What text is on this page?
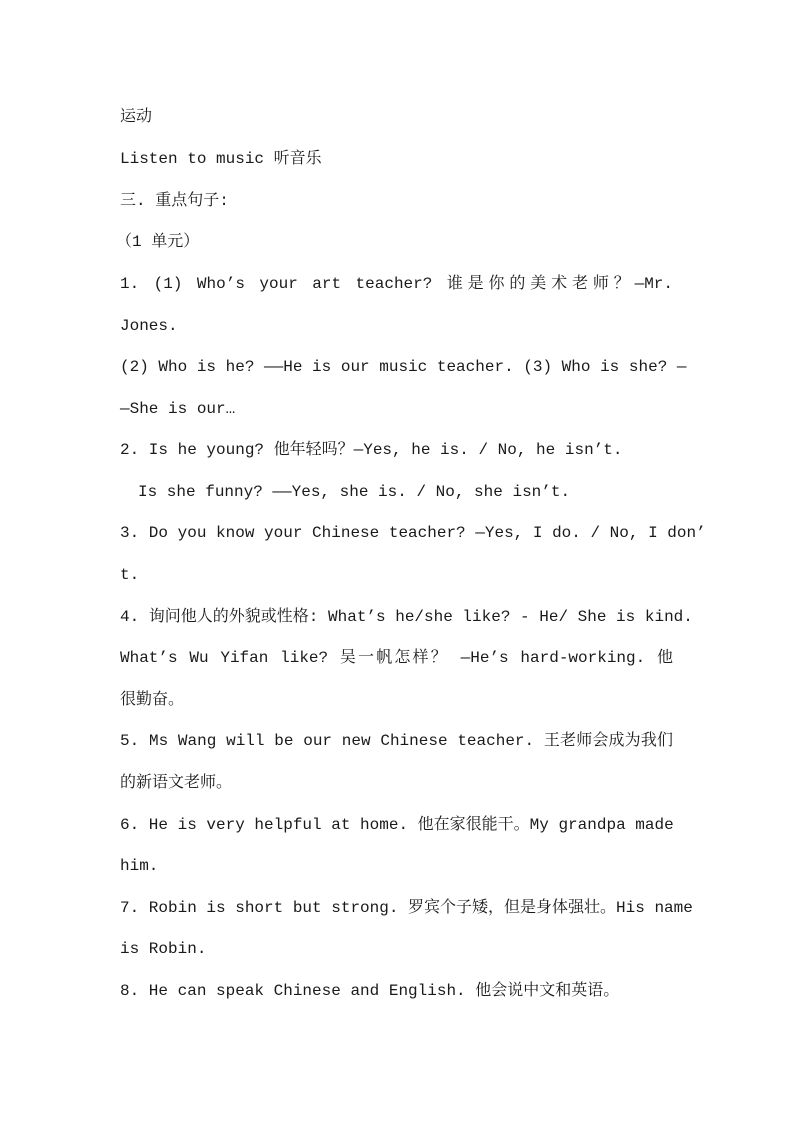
运动
Listen to music 听音乐
三. 重点句子:
（1 单元）
1. (1) Who’s your art teacher? 谁是你的美术老师？—Mr.
Jones.
(2) Who is he? ——He is our music teacher. (3) Who is she? —
—She is our…
2. Is he young? 他年轻吗？—Yes, he is. / No, he isn’t.
Is she funny? ——Yes, she is. / No, she isn’t.
3. Do you know your Chinese teacher? —Yes, I do. / No, I don’
t.
4. 询问他人的外貌或性格: What’s he/she like? - He/ She is kind.
What’s Wu Yifan like? 吴一帆怎样？ —He’s hard-working. 他
很勤奋。
5. Ms Wang will be our new Chinese teacher. 王老师会成为我们
的新语文老师。
6. He is very helpful at home. 他在家很能干。My grandpa made
him.
7. Robin is short but strong. 罗宾个子矮，但是身体强壮。His name
is Robin.
8. He can speak Chinese and English. 他会说中文和英语。
